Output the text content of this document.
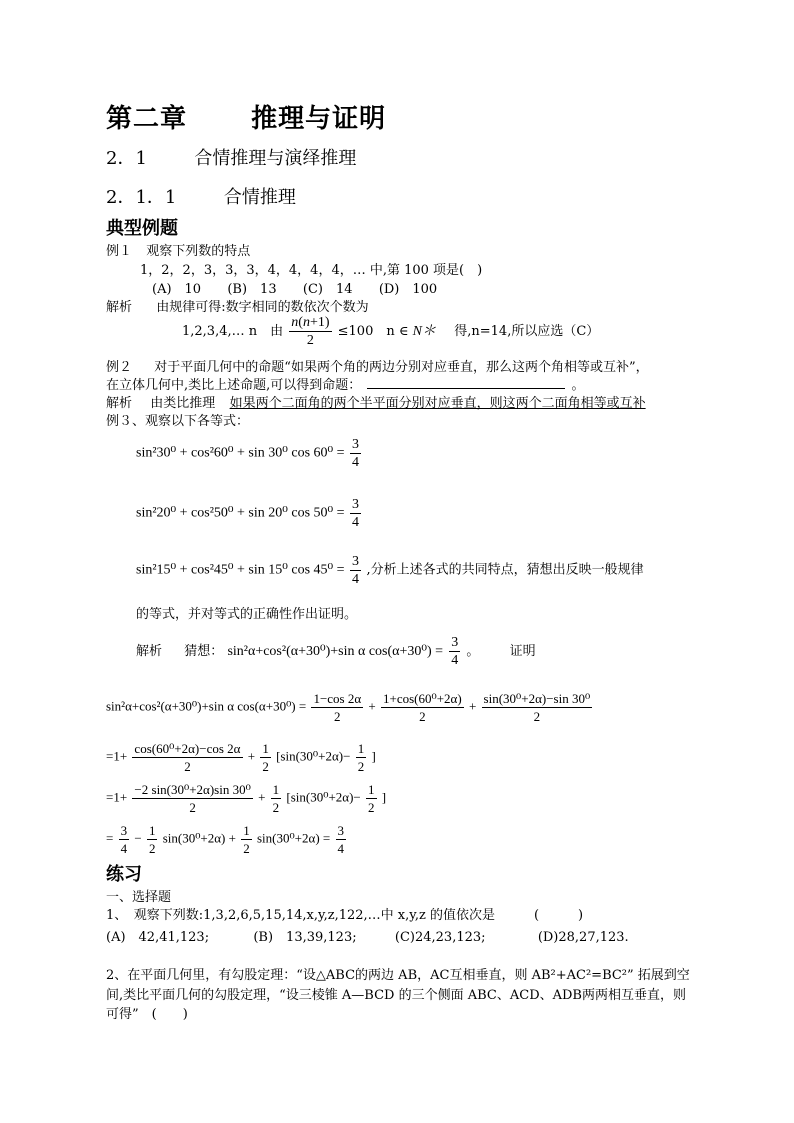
第二章 推理与证明
2．1	合情推理与演绎推理
2．1．1	合情推理
典型例题
例１ 观察下列数的特点
1，2，2，3，3，3，4，4，4，4，… 中,第 100 项是(　)
(A)　10 (B)　13 (C)　14 (D)　100
解析 由规律可得:数字相同的数依次个数为
1,2,3,4,… n　由 $\frac{n(n+1)}{2} \le 100$　n ∈ N＊ 得,n=14,所以应选（C）
例２ 对于平面几何中的命题“如果两个角的两边分别对应垂直，那么这两个角相等或互补”，
在立体几何中,类比上述命题,可以得到命题：	。
解析 由类比推理 如果两个二面角的两个半平面分别对应垂直，则这两个二面角相等或互补
例３、观察以下各等式：
sin²30⁰ + cos²60⁰ + sin 30⁰ $\cos 60^0 = \frac{3}{4}$
sin²20⁰ + cos²50⁰ + sin 20⁰ $\cos 50^0 = \frac{3}{4}$
sin²15⁰ + cos²45⁰ + sin 15⁰ $\cos 45^0 = \frac{3}{4}$ ,分析上述各式的共同特点，猜想出反映一般规律
的等式，并对等式的正确性作出证明。
解析 猜想： sin²α+cos²(α+30⁰)+sin α $\cos(\alpha+30^0) = \frac{3}{4}$ 。 证明
sin²α+cos²(α+30⁰)+sin α $\cos(\alpha+30^0) = \frac{1-\cos 2\alpha}{2} + \frac{\text{1+cos(60⁰+2α)}}{2} + \frac{\text{sin(30⁰+2α)−sin 30⁰}}{2}$
$=1+ \frac{\text{cos(60⁰+2α)−cos 2α}}{2} + \frac{1}{2} [\sin(30^0+2\alpha)- \frac{1}{2}$ ]
$=1+ \frac{\text{−2 sin(30⁰+2α)sin 30⁰}}{2} + \frac{1}{2} [\sin(30^0+2\alpha)- \frac{1}{2}$ ]
= $\frac{3}{4} - \frac{1}{2} \sin(30^0+2\alpha) + \frac{1}{2} \sin(30^0+2\alpha) = \frac{3}{4}$
练习
一、选择题
1、　观察下列数:1,3,2,6,5,15,14,x,y,z,122,…中 x,y,z 的值依次是　　　(　　　)
(A)　42,41,123;	(B)　13,39,123;	(C)24,23,123;	(D)28,27,123.
2、在平面几何里，有勾股定理：“设△ABC的两边 AB，AC互相垂直，则 AB²+AC²=BC²” 拓展到空
间,类比平面几何的勾股定理，“设三棱锥 A—BCD 的三个侧面 ABC、ACD、ADB两两相互垂直，则
可得”　(　　)
